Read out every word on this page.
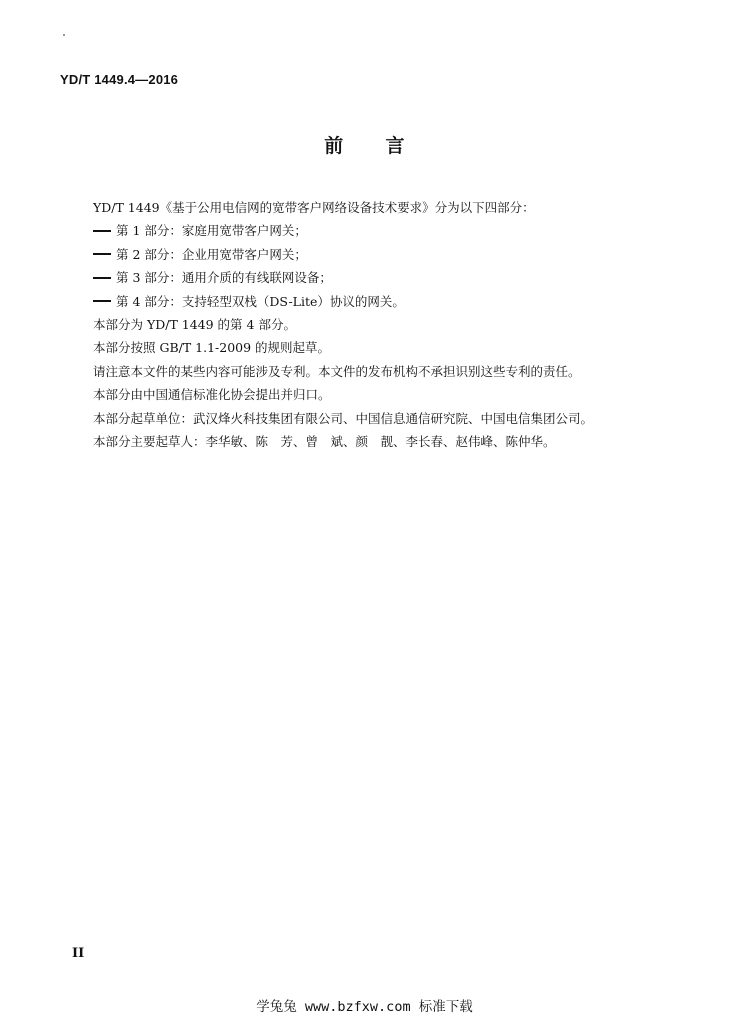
YD/T 1449.4—2016
前 言
YD/T 1449《基于公用电信网的宽带客户网络设备技术要求》分为以下四部分：
第 1 部分：家庭用宽带客户网关；
第 2 部分：企业用宽带客户网关；
第 3 部分：通用介质的有线联网设备；
第 4 部分：支持轻型双栈（DS-Lite）协议的网关。
本部分为 YD/T 1449 的第 4 部分。
本部分按照 GB/T 1.1-2009 的规则起草。
请注意本文件的某些内容可能涉及专利。本文件的发布机构不承担识别这些专利的责任。
本部分由中国通信标准化协会提出并归口。
本部分起草单位：武汉烽火科技集团有限公司、中国信息通信研究院、中国电信集团公司。
本部分主要起草人：李华敏、陈　芳、曾　斌、颜　靓、李长春、赵伟峰、陈仲华。
II
学兔兔 www.bzfxw.com 标准下载
